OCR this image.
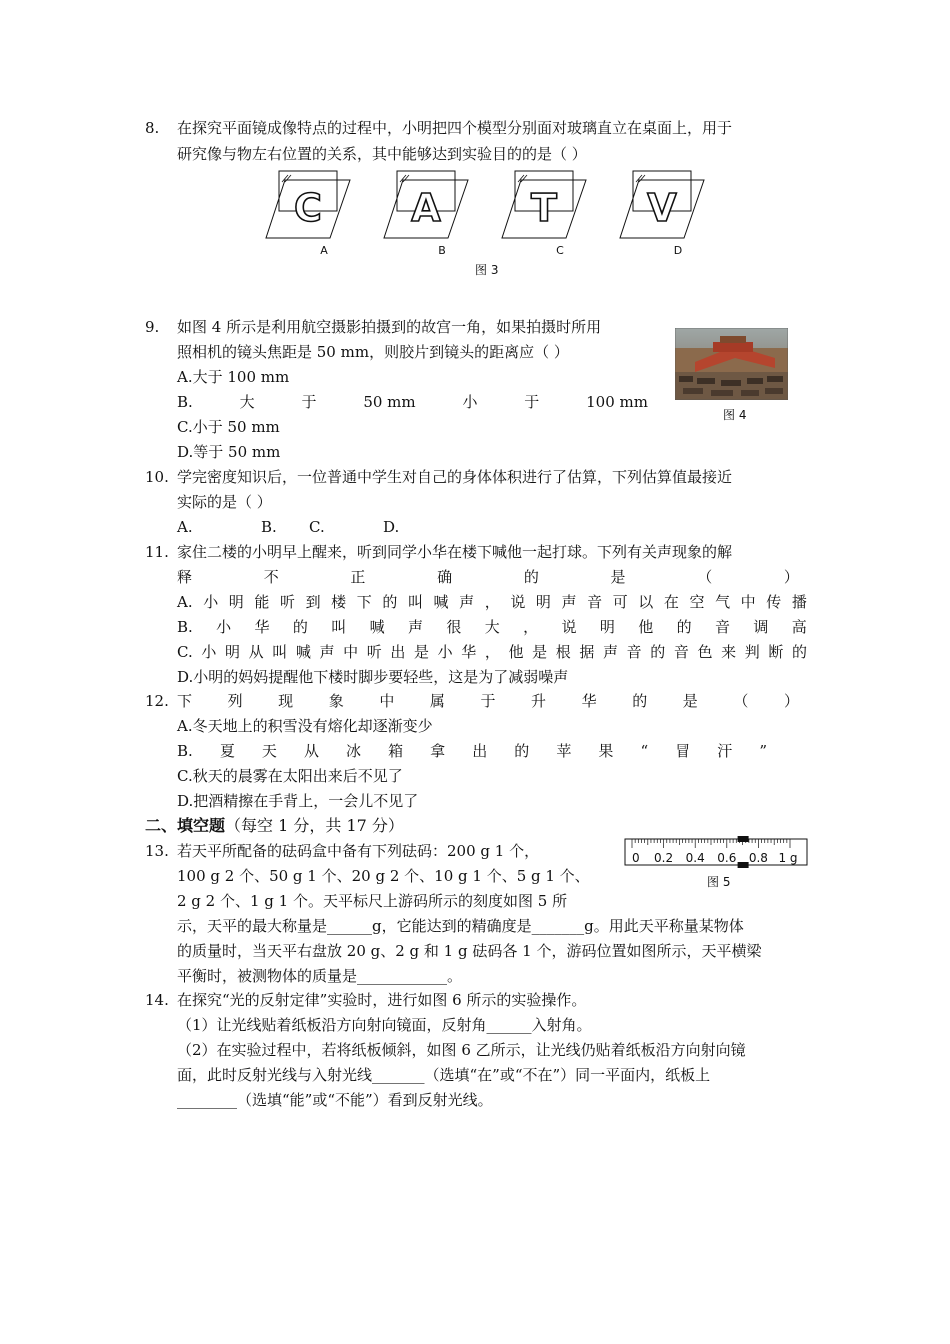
8. 在探究平面镜成像特点的过程中，小明把四个模型分别面对玻璃直立在桌面上，用于
研究像与物左右位置的关系，其中能够达到实验目的的是（ ）
C
A
A
B
T
C
V
D
图 3
9. 如图 4 所示是利用航空摄影拍摄到的故宫一角，如果拍摄时所用
照相机的镜头焦距是 50 mm，则胶片到镜头的距离应（ ）
A.大于 100 mm
B.	大	于	50 mm	小	于	100 mm
C.小于 50 mm
D.等于 50 mm
图 4
10. 学完密度知识后，一位普通中学生对自己的身体体积进行了估算，下列估算值最接近
实际的是（ ）
A.	B. C.	D.
11. 家住二楼的小明早上醒来，听到同学小华在楼下喊他一起打球。下列有关声现象的解
释	不	正	确	的	是	（	）
A. 小 明 能 听 到 楼 下 的 叫 喊 声 ， 说 明 声 音 可 以 在 空 气 中 传 播
B. 小 华 的 叫 喊 声 很 大 ， 说 明 他 的 音 调 高
C. 小 明 从 叫 喊 声 中 听 出 是 小 华 ， 他 是 根 据 声 音 的 音 色 来 判 断 的
D.小明的妈妈提醒他下楼时脚步要轻些，这是为了减弱噪声
12. 下 列 现 象 中 属 于 升 华 的 是 （ ）
A.冬天地上的积雪没有熔化却逐渐变少
B. 夏 天 从 冰 箱 拿 出 的 苹 果 “ 冒 汗 ”
C.秋天的晨雾在太阳出来后不见了
D.把酒精擦在手背上，一会儿不见了
二、填空题（每空 1 分，共 17 分）
13. 若天平所配备的砝码盒中备有下列砝码：200 g 1 个，
100 g 2 个、50 g 1 个、20 g 2 个、10 g 1 个、5 g 1 个、
2 g 2 个、1 g 1 个。天平标尺上游码所示的刻度如图 5 所
示，天平的最大称量是______g，它能达到的精确度是_______g。用此天平称量某物体
的质量时，当天平右盘放 20 g、2 g 和 1 g 砝码各 1 个，游码位置如图所示，天平横梁
平衡时，被测物体的质量是____________。
0 0.2 0.4 0.6 0.8 1 g
图 5
14. 在探究“光的反射定律”实验时，进行如图 6 所示的实验操作。
（1）让光线贴着纸板沿方向射向镜面，反射角______入射角。
（2）在实验过程中，若将纸板倾斜，如图 6 乙所示，让光线仍贴着纸板沿方向射向镜
面，此时反射光线与入射光线_______（选填“在”或“不在”）同一平面内，纸板上
________（选填“能”或“不能”）看到反射光线。
